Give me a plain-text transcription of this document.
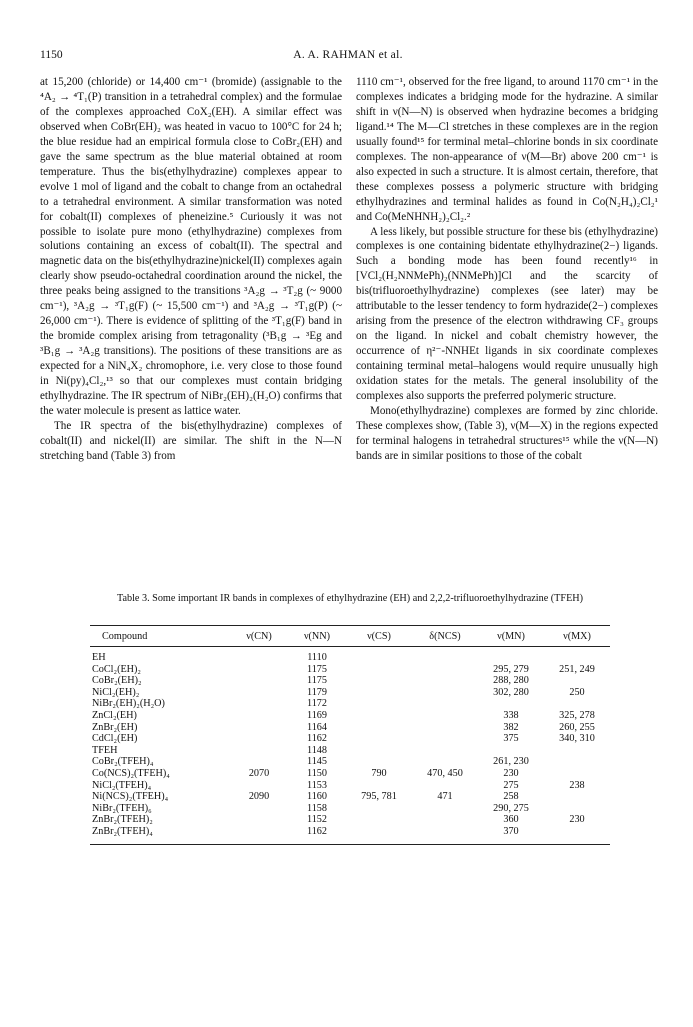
1150	A. A. RAHMAN et al.

at 15,200 (chloride) or 14,400 cm⁻¹ (bromide) (assignable to the ⁴A₂ → ⁴T₁(P) transition in a tetrahedral complex) and the formulae of the complexes approached CoX₂(EH). A similar effect was observed when CoBr(EH)₂ was heated in vacuo to 100°C for 24 h; the blue residue had an empirical formula close to CoBr₂(EH) and gave the same spectrum as the blue material obtained at room temperature. Thus the bis(ethylhydrazine) complexes appear to evolve 1 mol of ligand and the cobalt to change from an octahedral to a tetrahedral environment. A similar transformation was noted for cobalt(II) complexes of pheneizine.⁵ Curiously it was not possible to isolate pure mono (ethylhydrazine) complexes from solutions containing an excess of cobalt(II). The spectral and magnetic data on the bis(ethylhydrazine)nickel(II) complexes again clearly show pseudo-octahedral coordination around the nickel, the three peaks being assigned to the transitions ³A₂g → ³T₂g (~ 9000 cm⁻¹), ³A₂g → ³T₁g(F) (~ 15,500 cm⁻¹) and ³A₂g → ³T₁g(P) (~ 26,000 cm⁻¹). There is evidence of splitting of the ³T₁g(F) band in the bromide complex arising from tetragonality (³B₁g → ³Eg and ³B₁g → ³A₂g transitions). The positions of these transitions are as expected for a NiN₄X₂ chromophore, i.e. very close to those found in Ni(py)₄Cl₂,¹³ so that our complexes must contain bridging ethylhydrazine. The IR spectrum of NiBr₂(EH)₂(H₂O) confirms that the water molecule is present as lattice water.

The IR spectra of the bis(ethylhydrazine) complexes of cobalt(II) and nickel(II) are similar. The shift in the N—N stretching band (Table 3) from

1110 cm⁻¹, observed for the free ligand, to around 1170 cm⁻¹ in the complexes indicates a bridging mode for the hydrazine. A similar shift in ν(N—N) is observed when hydrazine becomes a bridging ligand.¹⁴ The M—Cl stretches in these complexes are in the region usually found¹⁵ for terminal metal–chlorine bonds in six coordinate complexes. The non-appearance of ν(M—Br) above 200 cm⁻¹ is also expected in such a structure. It is almost certain, therefore, that these complexes possess a polymeric structure with bridging ethylhydrazines and terminal halides as found in Co(N₂H₄)₂Cl₂¹ and Co(MeNHNH₂)₂Cl₂.²

A less likely, but possible structure for these bis (ethylhydrazine) complexes is one containing bidentate ethylhydrazine(2−) ligands. Such a bonding mode has been found recently¹⁶ in [VCl₂(H₂NNMePh)₂(NNMePh)]Cl and the scarcity of bis(trifluoroethylhydrazine) complexes (see later) may be attributable to the lesser tendency to form hydrazide(2−) complexes arising from the presence of the electron withdrawing CF₃ groups on the ligand. In nickel and cobalt chemistry however, the occurrence of η²⁻-NNHEt ligands in six coordinate complexes containing terminal metal–halogens would require unusually high oxidation states for the metals. The general insolubility of the complexes also supports the preferred polymeric structure.

Mono(ethylhydrazine) complexes are formed by zinc chloride. These complexes show, (Table 3), ν(M—X) in the regions expected for terminal halogens in tetrahedral structures¹⁵ while the ν(N—N) bands are in similar positions to those of the cobalt

Table 3. Some important IR bands in complexes of ethylhydrazine (EH) and 2,2,2-trifluoroethylhydrazine (TFEH)
Compound	ν(CN)	ν(NN)	ν(CS)	δ(NCS)	ν(MN)	ν(MX)
EH		1110				
CoCl₂(EH)₂		1175			295, 279	251, 249
CoBr₂(EH)₂		1175			288, 280	
NiCl₂(EH)₂		1179			302, 280	250
NiBr₂(EH)₂(H₂O)		1172				
ZnCl₂(EH)		1169			338	325, 278
ZnBr₂(EH)		1164			382	260, 255
CdCl₂(EH)		1162			375	340, 310
TFEH		1148				
CoBr₂(TFEH)₄		1145			261, 230	
Co(NCS)₂(TFEH)₄	2070	1150	790	470, 450	230	
NiCl₂(TFEH)₄		1153			275	238
Ni(NCS)₂(TFEH)₄	2090	1160	795, 781	471	258	
NiBr₂(TFEH)₆		1158			290, 275	
ZnBr₂(TFEH)₂		1152			360	230
ZnBr₂(TFEH)₄		1162			370	
